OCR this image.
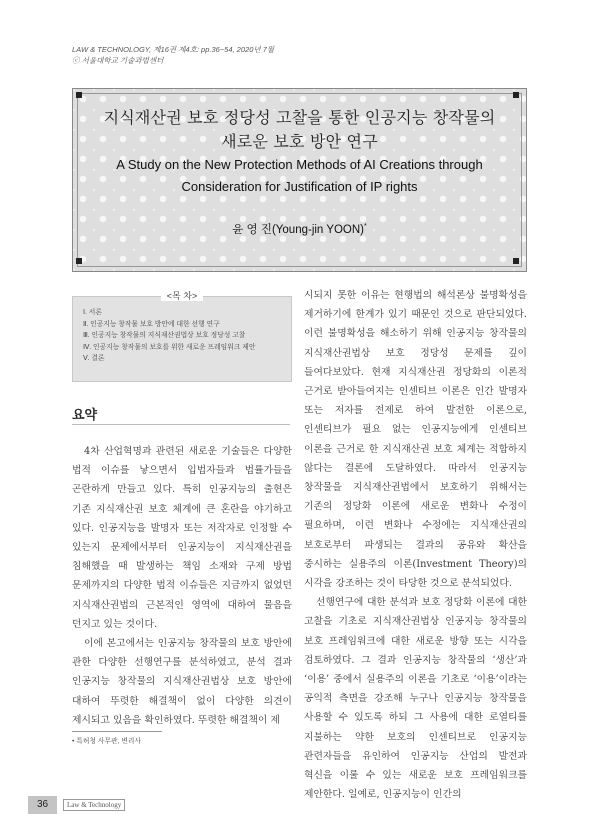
LAW & TECHNOLOGY, 제16권 제4호: pp.36~54, 2020년 7월
ⓒ 서울대학교 기술과법센터
지식재산권 보호 정당성 고찰을 통한 인공지능 창작물의
새로운 보호 방안 연구
A Study on the New Protection Methods of AI Creations through
Consideration for Justification of IP rights
윤 영 진(Young-jin YOON)*
Ⅰ. 서론
Ⅱ. 인공지능 창작물 보호 방안에 대한 선행 연구
Ⅲ. 인공지능 창작물의 지식재산권법상 보호 정당성 고찰
Ⅳ. 인공지능 창작물의 보호를 위한 새로운 프레임워크 제안
Ⅴ. 결론
<목 차>
요약

4차 산업혁명과 관련된 새로운 기술들은 다양한 법적 이슈를 낳으면서 입법자들과 법률가들을 곤란하게 만들고 있다. 특히 인공지능의 출현은 기존 지식재산권 보호 체계에 큰 혼란을 야기하고 있다. 인공지능을 발명자 또는 저작자로 인정할 수 있는지 문제에서부터 인공지능이 지식재산권을 침해했을 때 발생하는 책임 소재와 구제 방법 문제까지의 다양한 법적 이슈들은 지금까지 없었던 지식재산권법의 근본적인 영역에 대하여 물음을 던지고 있는 것이다.

이에 본고에서는 인공지능 창작물의 보호 방안에 관한 다양한 선행연구를 분석하였고, 분석 결과 인공지능 창작물의 지식재산권법상 보호 방안에 대하여 뚜렷한 해결책이 없이 다양한 의견이 제시되고 있음을 확인하였다. 뚜렷한 해결책이 제

시되지 못한 이유는 현행법의 해석론상 불명확성을 제거하기에 한계가 있기 때문인 것으로 판단되었다. 이런 불명확성을 해소하기 위해 인공지능 창작물의 지식재산권법상 보호 정당성 문제를 깊이 들여다보았다. 현재 지식재산권 정당화의 이론적 근거로 받아들여지는 인센티브 이론은 인간 발명자 또는 저자를 전제로 하여 발전한 이론으로, 인센티브가 필요 없는 인공지능에게 인센티브 이론을 근거로 한 지식재산권 보호 체계는 적합하지 않다는 결론에 도달하였다. 따라서 인공지능 창작물을 지식재산권법에서 보호하기 위해서는 기존의 정당화 이론에 새로운 변화나 수정이 필요하며, 이런 변화나 수정에는 지식재산권의 보호로부터 파생되는 결과의 공유와 확산을 중시하는 실용주의 이론(Investment Theory)의 시각을 강조하는 것이 타당한 것으로 분석되었다.

선행연구에 대한 분석과 보호 정당화 이론에 대한 고찰을 기초로 지식재산권법상 인공지능 창작물의 보호 프레임워크에 대한 새로운 방향 또는 시각을 검토하였다. 그 결과 인공지능 창작물의 ‘생산’과 ‘이용’ 중에서 실용주의 이론을 기초로 ‘이용’이라는 공익적 측면을 강조해 누구나 인공지능 창작물을 사용할 수 있도록 하되 그 사용에 대한 로열티를 지불하는 약한 보호의 인센티브로 인공지능 관련자들을 유인하여 인공지능 산업의 발전과 혁신을 이룰 수 있는 새로운 보호 프레임워크를 제안한다. 일예로, 인공지능이 인간의

• 특허청 사무관, 변리사
36	Law & Technology
